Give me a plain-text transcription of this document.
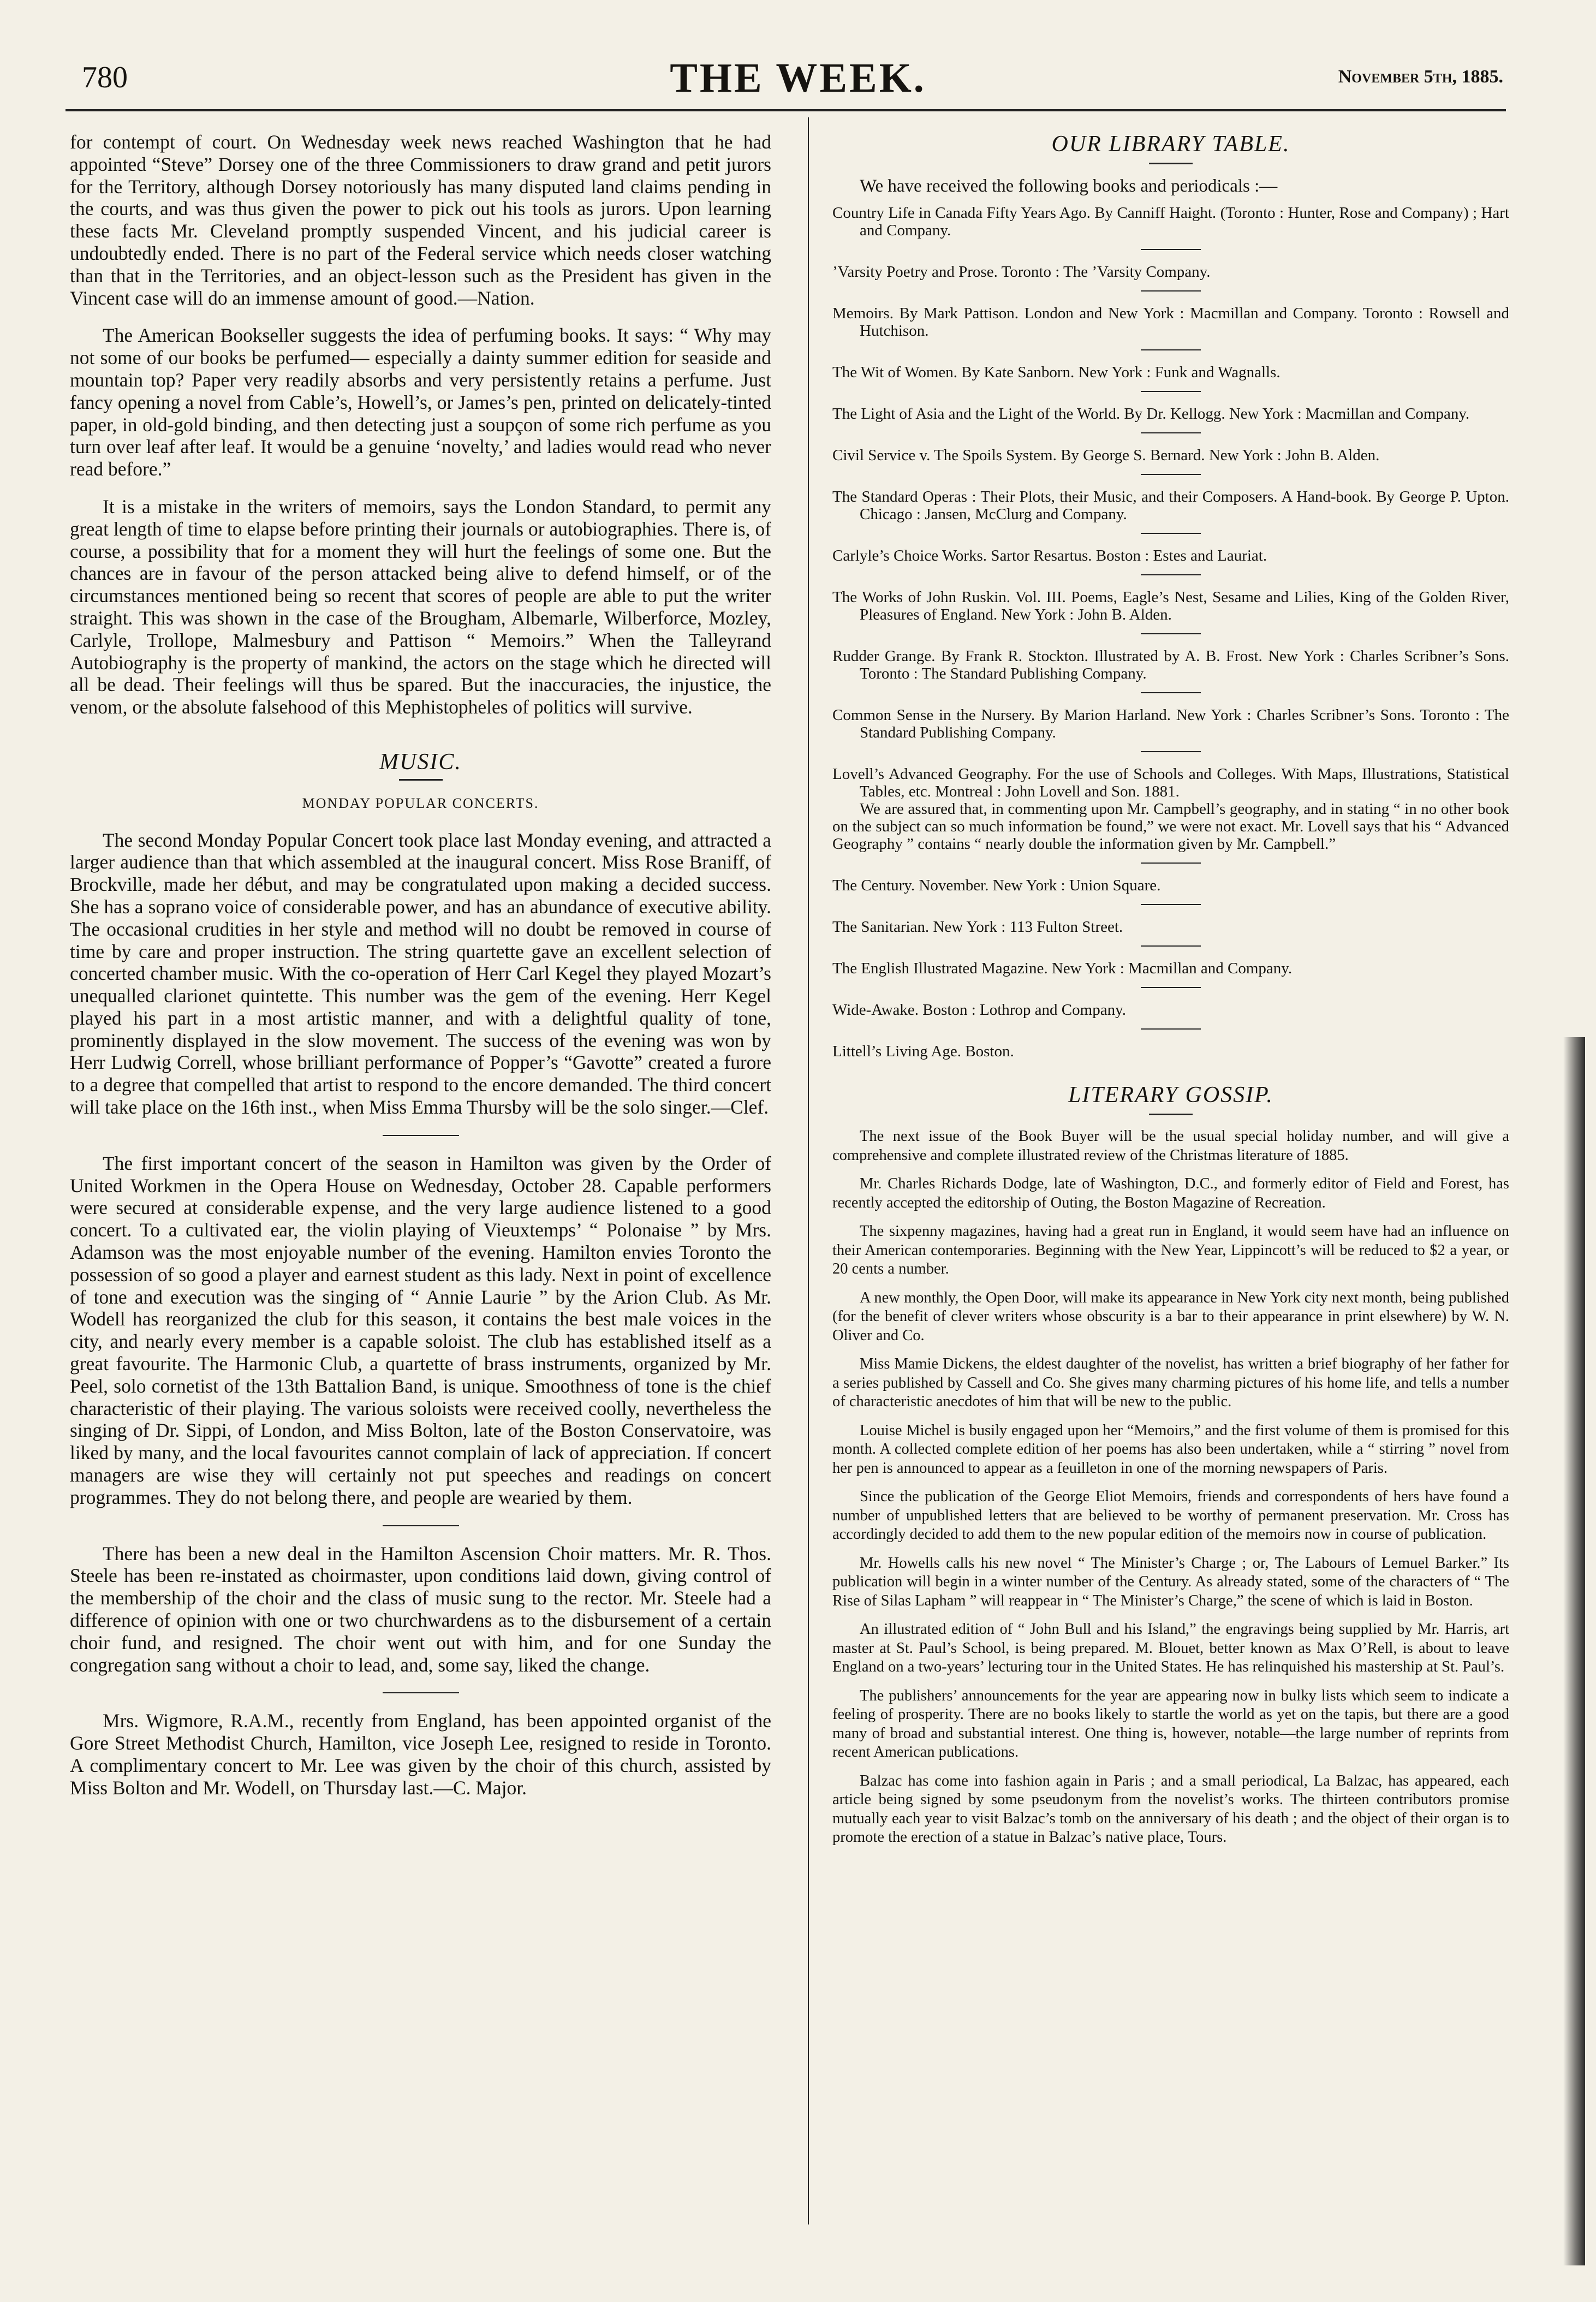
780	THE WEEK.	November 5th, 1885.

for contempt of court. On Wednesday week news reached Washington that he had appointed “Steve” Dorsey one of the three Commissioners to draw grand and petit jurors for the Territory, although Dorsey notoriously has many disputed land claims pending in the courts, and was thus given the power to pick out his tools as jurors. Upon learning these facts Mr. Cleveland promptly suspended Vincent, and his judicial career is undoubtedly ended. There is no part of the Federal service which needs closer watching than that in the Territories, and an object-lesson such as the President has given in the Vincent case will do an immense amount of good.—Nation.

The American Bookseller suggests the idea of perfuming books. It says: “ Why may not some of our books be perfumed— especially a dainty summer edition for seaside and mountain top? Paper very readily absorbs and very persistently retains a perfume. Just fancy opening a novel from Cable’s, Howell’s, or James’s pen, printed on delicately-tinted paper, in old-gold binding, and then detecting just a soupçon of some rich perfume as you turn over leaf after leaf. It would be a genuine ‘novelty,’ and ladies would read who never read before.”

It is a mistake in the writers of memoirs, says the London Standard, to permit any great length of time to elapse before printing their journals or autobiographies. There is, of course, a possibility that for a moment they will hurt the feelings of some one. But the chances are in favour of the person attacked being alive to defend himself, or of the circumstances mentioned being so recent that scores of people are able to put the writer straight. This was shown in the case of the Brougham, Albemarle, Wilberforce, Mozley, Carlyle, Trollope, Malmesbury and Pattison “ Memoirs.” When the Talleyrand Autobiography is the property of mankind, the actors on the stage which he directed will all be dead. Their feelings will thus be spared. But the inaccuracies, the injustice, the venom, or the absolute falsehood of this Mephistopheles of politics will survive.

MUSIC.
MONDAY POPULAR CONCERTS.

The second Monday Popular Concert took place last Monday evening, and attracted a larger audience than that which assembled at the inaugural concert. Miss Rose Braniff, of Brockville, made her début, and may be congratulated upon making a decided success. She has a soprano voice of considerable power, and has an abundance of executive ability. The occasional crudities in her style and method will no doubt be removed in course of time by care and proper instruction. The string quartette gave an excellent selection of concerted chamber music. With the co-operation of Herr Carl Kegel they played Mozart’s unequalled clarionet quintette. This number was the gem of the evening. Herr Kegel played his part in a most artistic manner, and with a delightful quality of tone, prominently displayed in the slow movement. The success of the evening was won by Herr Ludwig Correll, whose brilliant performance of Popper’s “Gavotte” created a furore to a degree that compelled that artist to respond to the encore demanded. The third concert will take place on the 16th inst., when Miss Emma Thursby will be the solo singer.—Clef.

The first important concert of the season in Hamilton was given by the Order of United Workmen in the Opera House on Wednesday, October 28. Capable performers were secured at considerable expense, and the very large audience listened to a good concert. To a cultivated ear, the violin playing of Vieuxtemps’ “ Polonaise ” by Mrs. Adamson was the most enjoyable number of the evening. Hamilton envies Toronto the possession of so good a player and earnest student as this lady. Next in point of excellence of tone and execution was the singing of “ Annie Laurie ” by the Arion Club. As Mr. Wodell has reorganized the club for this season, it contains the best male voices in the city, and nearly every member is a capable soloist. The club has established itself as a great favourite. The Harmonic Club, a quartette of brass instruments, organized by Mr. Peel, solo cornetist of the 13th Battalion Band, is unique. Smoothness of tone is the chief characteristic of their playing. The various soloists were received coolly, nevertheless the singing of Dr. Sippi, of London, and Miss Bolton, late of the Boston Conservatoire, was liked by many, and the local favourites cannot complain of lack of appreciation. If concert managers are wise they will certainly not put speeches and readings on concert programmes. They do not belong there, and people are wearied by them.

There has been a new deal in the Hamilton Ascension Choir matters. Mr. R. Thos. Steele has been re-instated as choirmaster, upon conditions laid down, giving control of the membership of the choir and the class of music sung to the rector. Mr. Steele had a difference of opinion with one or two churchwardens as to the disbursement of a certain choir fund, and resigned. The choir went out with him, and for one Sunday the congregation sang without a choir to lead, and, some say, liked the change.

Mrs. Wigmore, R.A.M., recently from England, has been appointed organist of the Gore Street Methodist Church, Hamilton, vice Joseph Lee, resigned to reside in Toronto. A complimentary concert to Mr. Lee was given by the choir of this church, assisted by Miss Bolton and Mr. Wodell, on Thursday last.—C. Major.

OUR LIBRARY TABLE.

We have received the following books and periodicals :—

Country Life in Canada Fifty Years Ago. By Canniff Haight. (Toronto : Hunter, Rose and Company) ; Hart and Company.

’Varsity Poetry and Prose. Toronto : The ’Varsity Company.

Memoirs. By Mark Pattison. London and New York : Macmillan and Company. Toronto : Rowsell and Hutchison.

The Wit of Women. By Kate Sanborn. New York : Funk and Wagnalls.

The Light of Asia and the Light of the World. By Dr. Kellogg. New York : Macmillan and Company.

Civil Service v. The Spoils System. By George S. Bernard. New York : John B. Alden.

The Standard Operas : Their Plots, their Music, and their Composers. A Hand-book. By George P. Upton. Chicago : Jansen, McClurg and Company.

Carlyle’s Choice Works. Sartor Resartus. Boston : Estes and Lauriat.

The Works of John Ruskin. Vol. III. Poems, Eagle’s Nest, Sesame and Lilies, King of the Golden River, Pleasures of England. New York : John B. Alden.

Rudder Grange. By Frank R. Stockton. Illustrated by A. B. Frost. New York : Charles Scribner’s Sons. Toronto : The Standard Publishing Company.

Common Sense in the Nursery. By Marion Harland. New York : Charles Scribner’s Sons. Toronto : The Standard Publishing Company.

Lovell’s Advanced Geography. For the use of Schools and Colleges. With Maps, Illustrations, Statistical Tables, etc. Montreal : John Lovell and Son. 1881.

We are assured that, in commenting upon Mr. Campbell’s geography, and in stating “ in no other book on the subject can so much information be found,” we were not exact. Mr. Lovell says that his “ Advanced Geography ” contains “ nearly double the information given by Mr. Campbell.”

The Century. November. New York : Union Square.

The Sanitarian. New York : 113 Fulton Street.

The English Illustrated Magazine. New York : Macmillan and Company.

Wide-Awake. Boston : Lothrop and Company.

Littell’s Living Age. Boston.

LITERARY GOSSIP.

The next issue of the Book Buyer will be the usual special holiday number, and will give a comprehensive and complete illustrated review of the Christmas literature of 1885.

Mr. Charles Richards Dodge, late of Washington, D.C., and formerly editor of Field and Forest, has recently accepted the editorship of Outing, the Boston Magazine of Recreation.

The sixpenny magazines, having had a great run in England, it would seem have had an influence on their American contemporaries. Beginning with the New Year, Lippincott’s will be reduced to $2 a year, or 20 cents a number.

A new monthly, the Open Door, will make its appearance in New York city next month, being published (for the benefit of clever writers whose obscurity is a bar to their appearance in print elsewhere) by W. N. Oliver and Co.

Miss Mamie Dickens, the eldest daughter of the novelist, has written a brief biography of her father for a series published by Cassell and Co. She gives many charming pictures of his home life, and tells a number of characteristic anecdotes of him that will be new to the public.

Louise Michel is busily engaged upon her “Memoirs,” and the first volume of them is promised for this month. A collected complete edition of her poems has also been undertaken, while a “ stirring ” novel from her pen is announced to appear as a feuilleton in one of the morning newspapers of Paris.

Since the publication of the George Eliot Memoirs, friends and correspondents of hers have found a number of unpublished letters that are believed to be worthy of permanent preservation. Mr. Cross has accordingly decided to add them to the new popular edition of the memoirs now in course of publication.

Mr. Howells calls his new novel “ The Minister’s Charge ; or, The Labours of Lemuel Barker.” Its publication will begin in a winter number of the Century. As already stated, some of the characters of “ The Rise of Silas Lapham ” will reappear in “ The Minister’s Charge,” the scene of which is laid in Boston.

An illustrated edition of “ John Bull and his Island,” the engravings being supplied by Mr. Harris, art master at St. Paul’s School, is being prepared. M. Blouet, better known as Max O’Rell, is about to leave England on a two-years’ lecturing tour in the United States. He has relinquished his mastership at St. Paul’s.

The publishers’ announcements for the year are appearing now in bulky lists which seem to indicate a feeling of prosperity. There are no books likely to startle the world as yet on the tapis, but there are a good many of broad and substantial interest. One thing is, however, notable—the large number of reprints from recent American publications.

Balzac has come into fashion again in Paris ; and a small periodical, La Balzac, has appeared, each article being signed by some pseudonym from the novelist’s works. The thirteen contributors promise mutually each year to visit Balzac’s tomb on the anniversary of his death ; and the object of their organ is to promote the erection of a statue in Balzac’s native place, Tours.
